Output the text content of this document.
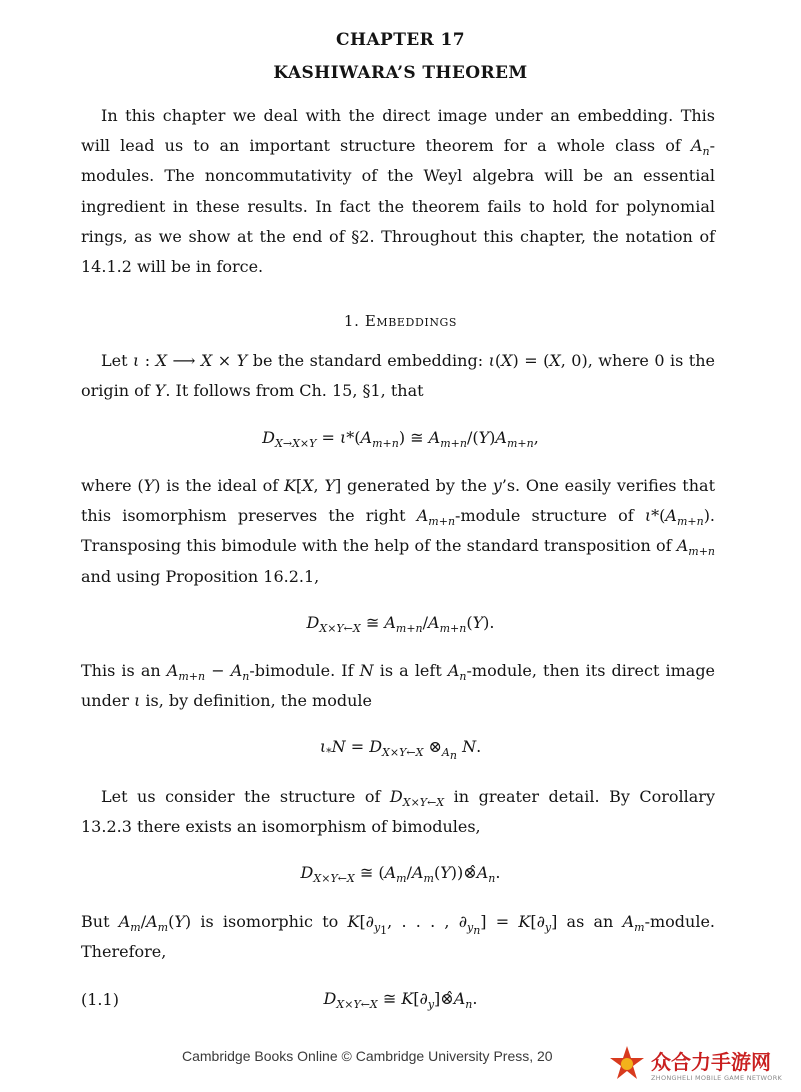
CHAPTER 17
KASHIWARA’S THEOREM
In this chapter we deal with the direct image under an embedding. This will lead us to an important structure theorem for a whole class of $A_n$-modules. The noncommutativity of the Weyl algebra will be an essential ingredient in these results. In fact the theorem fails to hold for polynomial rings, as we show at the end of §2. Throughout this chapter, the notation of 14.1.2 will be in force.
1. Embeddings
Let ι : X ⟶ X × Y be the standard embedding: ι(X) = (X, 0), where 0 is the origin of Y. It follows from Ch. 15, §1, that
$D_{X\to X\times Y} = \iota*(A_{m+n})$ ≅ $A_{m+n}/(Y)A_{m+n}$,
where (Y) is the ideal of K[X, Y] generated by the y’s. One easily verifies that this isomorphism preserves the right $A_{m+n}$-module structure of $\iota*(A_{m+n})$. Transposing this bimodule with the help of the standard transposition of $A_{m+n}$ and using Proposition 16.2.1,
$D_{X\times Y\leftarrow X}$ ≅ $A_{m+n}/A_{m+n}(Y)$.
This is an $A_{m+n}$ − $A_n$-bimodule. If N is a left $A_n$-module, then its direct image under ι is, by definition, the module
$\iota_*N = D_{X\times Y\leftarrow X}$ $\otimes_{A_n}$ N.
Let us consider the structure of $D_{X\times Y\leftarrow X}$ in greater detail. By Corollary 13.2.3 there exists an isomorphism of bimodules,
$D_{X\times Y\leftarrow X}$ ≅ $(A_m/A_m(Y))\otimeŝA_n$.
But $A_m/A_m(Y)$ is isomorphic to $K[\partial_{y_1}$, . . . , $\partial_{y_n}] = K[\partial_y]$ as an $A_m$-module. Therefore,
(1.1)	$D_{X\times Y\leftarrow X}$ ≅ $K[\partial_y]\otimeŝA_n$.
Cambridge Books Online © Cambridge University Press, 20	众合力手游网
ZHONGHELI MOBILE GAME NETWORK
